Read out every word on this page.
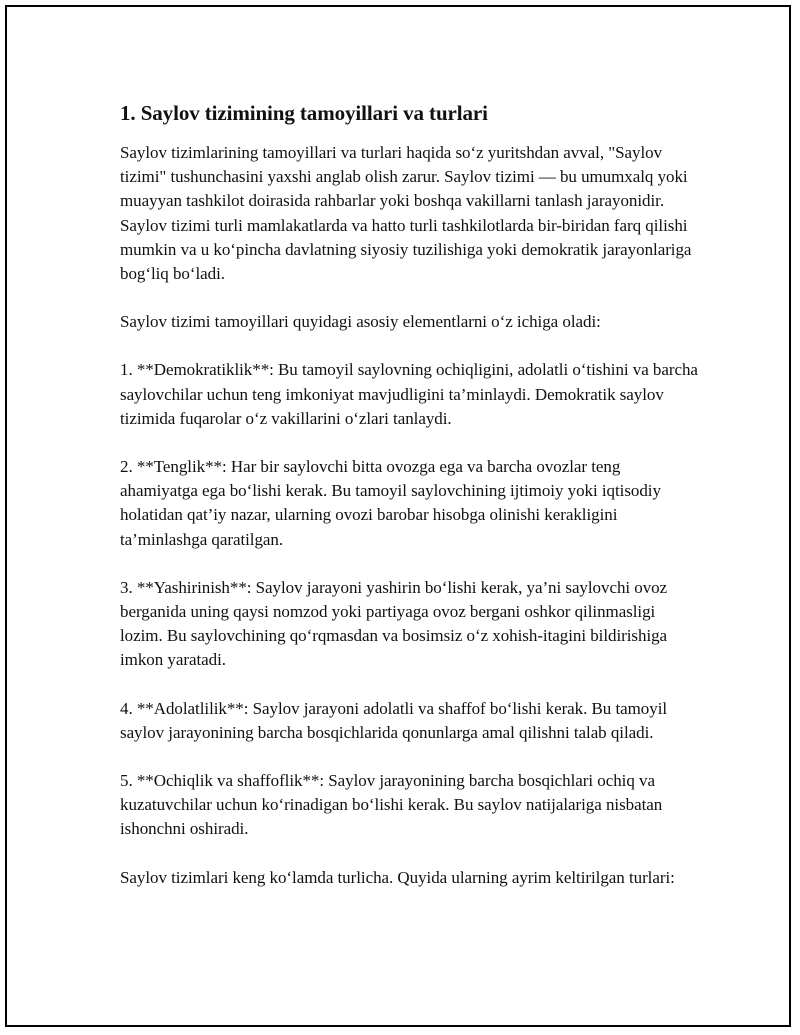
1. Saylov tizimining tamoyillari va turlari

Saylov tizimlarining tamoyillari va turlari haqida so‘z yuritshdan avval, "Saylov tizimi" tushunchasini yaxshi anglab olish zarur. Saylov tizimi — bu umumxalq yoki muayyan tashkilot doirasida rahbarlar yoki boshqa vakillarni tanlash jarayonidir. Saylov tizimi turli mamlakatlarda va hatto turli tashkilotlarda bir-biridan farq qilishi mumkin va u ko‘pincha davlatning siyosiy tuzilishiga yoki demokratik jarayonlariga bog‘liq bo‘ladi.

Saylov tizimi tamoyillari quyidagi asosiy elementlarni o‘z ichiga oladi:

1. **Demokratiklik**: Bu tamoyil saylovning ochiqligini, adolatli o‘tishini va barcha saylovchilar uchun teng imkoniyat mavjudligini ta’minlaydi. Demokratik saylov tizimida fuqarolar o‘z vakillarini o‘zlari tanlaydi.

2. **Tenglik**: Har bir saylovchi bitta ovozga ega va barcha ovozlar teng ahamiyatga ega bo‘lishi kerak. Bu tamoyil saylovchining ijtimoiy yoki iqtisodiy holatidan qat’iy nazar, ularning ovozi barobar hisobga olinishi kerakligini ta’minlashga qaratilgan.

3. **Yashirinish**: Saylov jarayoni yashirin bo‘lishi kerak, ya’ni saylovchi ovoz berganida uning qaysi nomzod yoki partiyaga ovoz bergani oshkor qilinmasligi lozim. Bu saylovchining qo‘rqmasdan va bosimsiz o‘z xohish-itagini bildirishiga imkon yaratadi.

4. **Adolatlilik**: Saylov jarayoni adolatli va shaffof bo‘lishi kerak. Bu tamoyil saylov jarayonining barcha bosqichlarida qonunlarga amal qilishni talab qiladi.

5. **Ochiqlik va shaffoflik**: Saylov jarayonining barcha bosqichlari ochiq va kuzatuvchilar uchun ko‘rinadigan bo‘lishi kerak. Bu saylov natijalariga nisbatan ishonchni oshiradi.

Saylov tizimlari keng ko‘lamda turlicha. Quyida ularning ayrim keltirilgan turlari:
